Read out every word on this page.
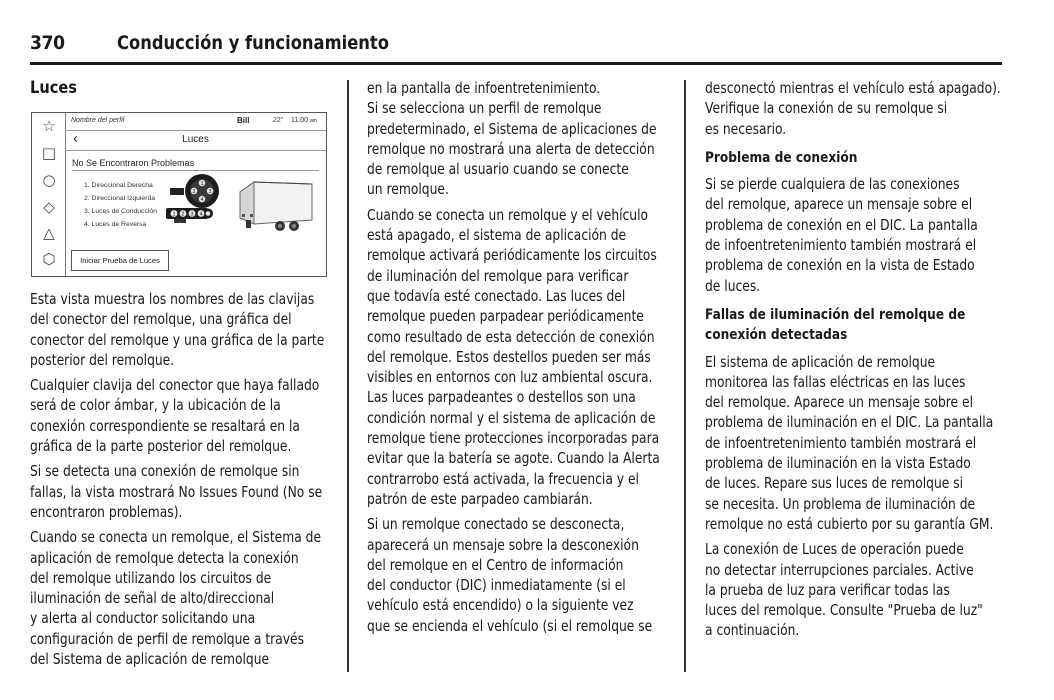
370	Conducción y funcionamiento
Luces
☆
□
○
◇
△
⬡
Nombre del perfil	Bill	22° 11:00 am
‹	Luces
No Se Encontraron Problemas
1. Direccional Derecha
2. Direccional Izquierda
3. Luces de Conducción
4. Luces de Reversa
1
2	3
4
1 2 3 4
Iniciar Prueba de Luces
Esta vista muestra los nombres de las clavijas
del conector del remolque, una gráfica del
conector del remolque y una gráfica de la parte
posterior del remolque.
Cualquier clavija del conector que haya fallado
será de color ámbar, y la ubicación de la
conexión correspondiente se resaltará en la
gráfica de la parte posterior del remolque.
Si se detecta una conexión de remolque sin
fallas, la vista mostrará No Issues Found (No se
encontraron problemas).
Cuando se conecta un remolque, el Sistema de
aplicación de remolque detecta la conexión
del remolque utilizando los circuitos de
iluminación de señal de alto/direccional
y alerta al conductor solicitando una
configuración de perfil de remolque a través
del Sistema de aplicación de remolque
en la pantalla de infoentretenimiento.
Si se selecciona un perfil de remolque
predeterminado, el Sistema de aplicaciones de
remolque no mostrará una alerta de detección
de remolque al usuario cuando se conecte
un remolque.
Cuando se conecta un remolque y el vehículo
está apagado, el sistema de aplicación de
remolque activará periódicamente los circuitos
de iluminación del remolque para verificar
que todavía esté conectado. Las luces del
remolque pueden parpadear periódicamente
como resultado de esta detección de conexión
del remolque. Estos destellos pueden ser más
visibles en entornos con luz ambiental oscura.
Las luces parpadeantes o destellos son una
condición normal y el sistema de aplicación de
remolque tiene protecciones incorporadas para
evitar que la batería se agote. Cuando la Alerta
contrarrobo está activada, la frecuencia y el
patrón de este parpadeo cambiarán.
Si un remolque conectado se desconecta,
aparecerá un mensaje sobre la desconexión
del remolque en el Centro de información
del conductor (DIC) inmediatamente (si el
vehículo está encendido) o la siguiente vez
que se encienda el vehículo (si el remolque se
desconectó mientras el vehículo está apagado).
Verifique la conexión de su remolque si
es necesario.
Problema de conexión
Si se pierde cualquiera de las conexiones
del remolque, aparece un mensaje sobre el
problema de conexión en el DIC. La pantalla
de infoentretenimiento también mostrará el
problema de conexión en la vista de Estado
de luces.
Fallas de iluminación del remolque de
conexión detectadas
El sistema de aplicación de remolque
monitorea las fallas eléctricas en las luces
del remolque. Aparece un mensaje sobre el
problema de iluminación en el DIC. La pantalla
de infoentretenimiento también mostrará el
problema de iluminación en la vista Estado
de luces. Repare sus luces de remolque si
se necesita. Un problema de iluminación de
remolque no está cubierto por su garantía GM.
La conexión de Luces de operación puede
no detectar interrupciones parciales. Active
la prueba de luz para verificar todas las
luces del remolque. Consulte "Prueba de luz"
a continuación.
